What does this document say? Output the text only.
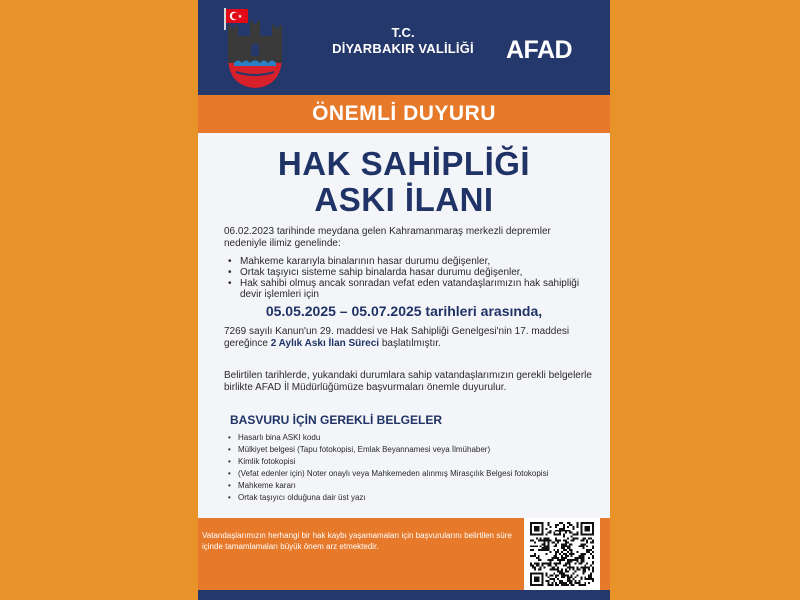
T.C.
DİYARBAKIR VALİLİĞİ	AFAD
ÖNEMLİ DUYURU
HAK SAHİPLİĞİ
ASKI İLANI

06.02.2023 tarihinde meydana gelen Kahramanmaraş merkezli depremler nedeniyle ilimiz genelinde:

• Mahkeme kararıyla binalarının hasar durumu değişenler,
• Ortak taşıyıcı sisteme sahip binalarda hasar durumu değişenler,
• Hak sahibi olmuş ancak sonradan vefat eden vatandaşlarımızın hak sahipliği devir işlemleri için
05.05.2025 – 05.07.2025 tarihleri arasında,

7269 sayılı Kanun'un 29. maddesi ve Hak Sahipliği Genelgesi'nin 17. maddesi gereğince 2 Aylık Askı İlan Süreci başlatılmıştır.

Belirtilen tarihlerde, yukandaki durumlara sahip vatandaşlarımızın gerekli belgelerle birlikte AFAD İl Müdürlüğümüze başvurmaları önemle duyurulur.

BASVURU İÇİN GEREKLİ BELGELER
• Hasarlı bina ASKI kodu
• Mülkiyet belgesi (Tapu fotokopisi, Emlak Beyannamesi veya İlmühaber)
• Kimlik fotokopisi
• (Vefat edenler için) Noter onaylı veya Mahkemeden alınmış Mirasçılık Belgesi fotokopisi
• Mahkeme kararı
• Ortak taşıyıcı olduğuna dair üst yazı

Vatandaşlarımızın herhangi bir hak kaybı yaşamamaları için başvurularını belirtilen süre içinde tamamlamaları büyük önem arz etmektedir.
